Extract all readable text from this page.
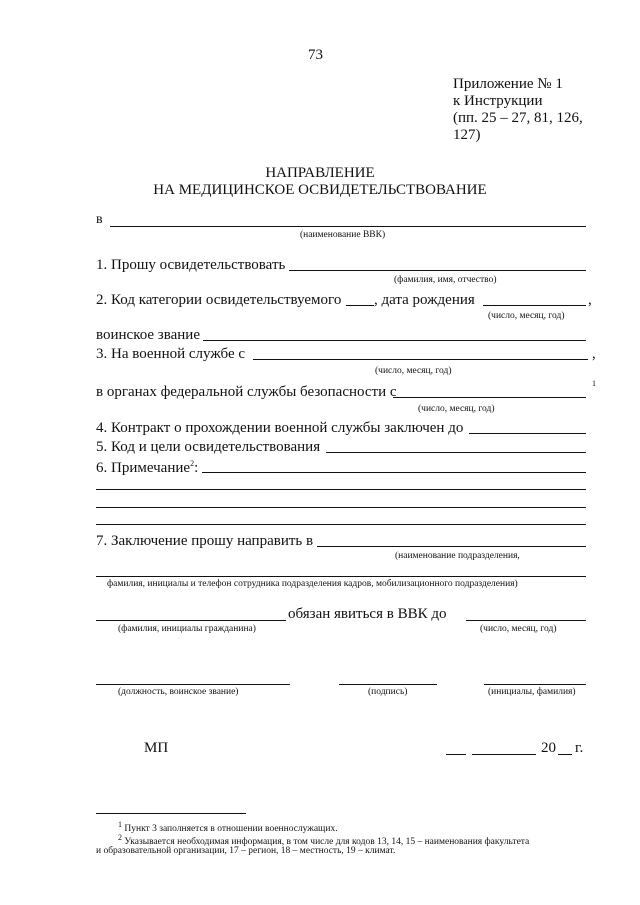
73
Приложение № 1
к Инструкции
(пп. 25 – 27, 81, 126,
127)
НАПРАВЛЕНИЕ
НА МЕДИЦИНСКОЕ ОСВИДЕТЕЛЬСТВОВАНИЕ
в
(наименование ВВК)
1. Прошу освидетельствовать
(фамилия, имя, отчество)
2. Код категории освидетельствуемого , дата рождения	,
(число, месяц, год)
воинское звание
3. На военной службе с	,
(число, месяц, год)
в органах федеральной службы безопасности с
1
(число, месяц, год)
4. Контракт о прохождении военной службы заключен до
5. Код и цели освидетельствования
6. Примечание$^2$:
7. Заключение прошу направить в
(наименование подразделения,
фамилия, инициалы и телефон сотрудника подразделения кадров, мобилизационного подразделения)
обязан явиться в ВВК до
(фамилия, инициалы гражданина)	(число, месяц, год)
(должность, воинское звание)	(подпись)	(инициалы, фамилия)
МП	20 г.
$^1$ Пункт 3 заполняется в отношении военнослужащих.
$^2$ Указывается необходимая информация, в том числе для кодов 13, 14, 15 – наименования факультета
и образовательной организации, 17 – регион, 18 – местность, 19 – климат.
